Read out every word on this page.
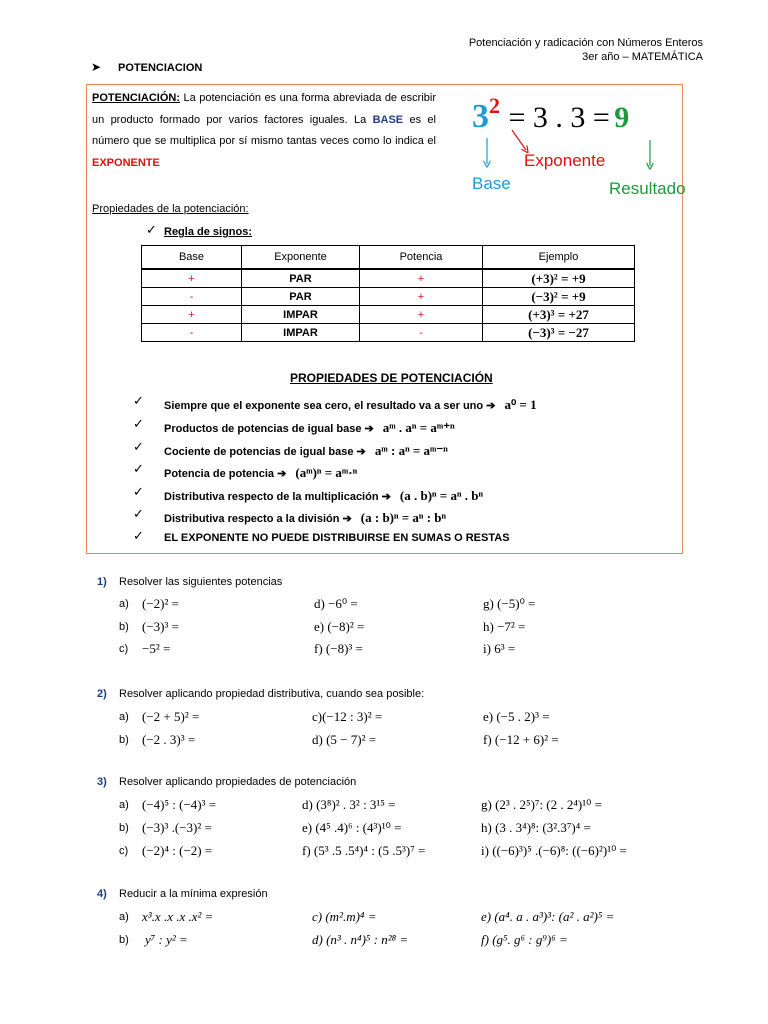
Potenciación y radicación con Números Enteros
3er año – MATEMÁTICA
➤ POTENCIACION
POTENCIACIÓN: La potenciación es una forma abreviada de escribir un producto formado por varios factores iguales. La BASE es el número que se multiplica por sí mismo tantas veces como lo indica el EXPONENTE
32 = 3 . 3 = 9
Base
Exponente
Resultado
Propiedades de la potenciación:
✓ Regla de signos:
Base	Exponente	Potencia	Ejemplo
+	PAR	+	(+3)² = +9
-	PAR	+	(−3)² = +9
+	IMPAR	+	(+3)³ = +27
-	IMPAR	-	(−3)³ = −27
PROPIEDADES DE POTENCIACIÓN
✓ Siempre que el exponente sea cero, el resultado va a ser uno ➔ a⁰ = 1
✓ Productos de potencias de igual base ➔ aᵐ . aⁿ = aᵐ⁺ⁿ
✓ Cociente de potencias de igual base ➔ aᵐ : aⁿ = aᵐ⁻ⁿ
✓ Potencia de potencia ➔ (aᵐ)ⁿ = aᵐ·ⁿ
✓ Distributiva respecto de la multiplicación ➔ (a . b)ⁿ = aⁿ . bⁿ
✓ Distributiva respecto a la división ➔ (a : b)ⁿ = aⁿ : bⁿ
✓ EL EXPONENTE NO PUEDE DISTRIBUIRSE EN SUMAS O RESTAS
1) Resolver las siguientes potencias
a) (−2)² =	d) −6⁰ =	g) (−5)⁰ =
b) (−3)³ =	e) (−8)² =	h) −7² =
c) −5² =	f) (−8)³ =	i) 6³ =
2) Resolver aplicando propiedad distributiva, cuando sea posible:
a) (−2 + 5)² =	c)(−12 : 3)² =	e) (−5 . 2)³ =
b) (−2 . 3)³ =	d) (5 − 7)² =	f) (−12 + 6)² =
3) Resolver aplicando propiedades de potenciación
a) (−4)⁵ : (−4)³ =	d) (3⁸)² . 3² : 3¹⁵ =	g) (2³ . 2⁵)⁷: (2 . 2⁴)¹⁰ =
b) (−3)³ .(−3)² =	e) (4⁵ .4)⁶ : (4³)¹⁰ =	h) (3 . 3⁴)⁸: (3².3⁷)⁴ =
c) (−2)⁴ : (−2) =	f) (5³ .5 .5⁴)⁴ : (5 .5³)⁷ =	i) ((−6)³)⁵ .(−6)⁸: ((−6)²)¹⁰ =
4) Reducir a la mínima expresión
a) x³.x .x .x .x² =	c) (m².m)⁴ =	e) (a⁴. a . a³)³: (a² . a²)⁵ =
b) y⁷ : y² =	d) (n³ . n⁴)⁵ : n²⁸ =	f) (g⁵. g⁶ : g⁹)⁶ =
